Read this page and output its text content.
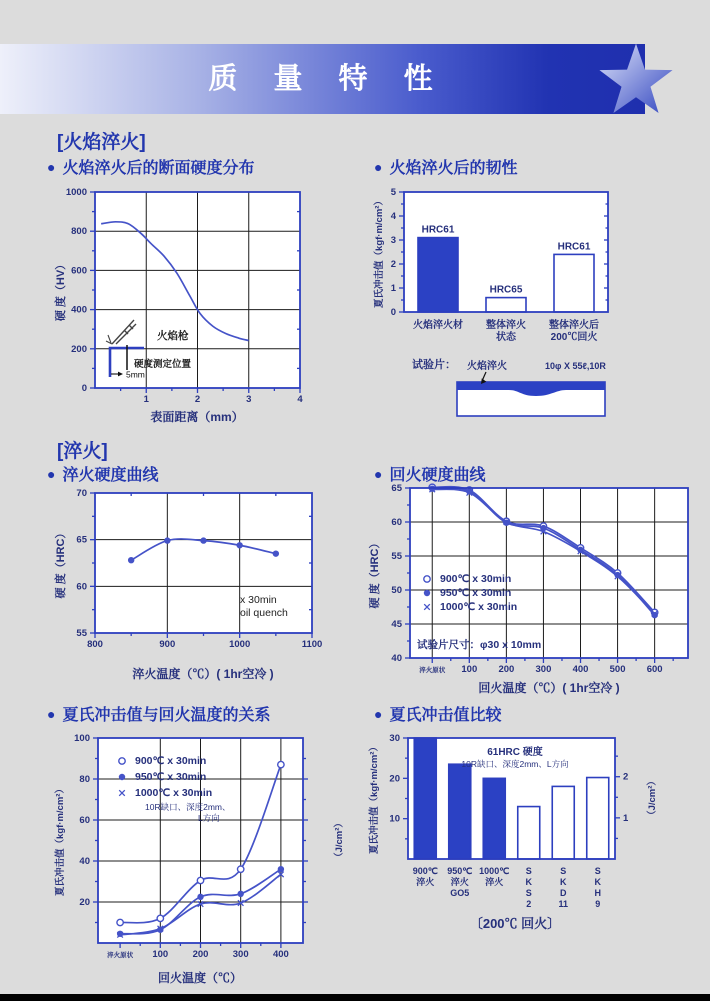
质 量 特 性
[火焰淬火]
● 火焰淬火后的断面硬度分布
1	2	3	4
0
200
400
600
800
1000
表面距离（mm）
硬 度（HV）
火焰枪
硬度测定位置
5mm
● 火焰淬火后的韧性
HRC61
HRC65
HRC61
0
1
2
3
4
5
火焰淬火材 整体淬火
状态
整体淬火后
200℃回火
夏氏冲击值（kgf·m/cm²）
试验片： 火焰淬火	10φ X 55ℓ,10R
[淬火]
● 淬火硬度曲线
800	900	1000	1100
55
60
65
70
x 30min
oil quench
淬火温度（℃）( 1hr空冷 )
硬 度（HRC）
● 回火硬度曲线
淬火原状 100 200 300 400 500 600
40
45
50
55
60
65
900℃ x 30min
950℃ x 30min
1000℃ x 30min
试验片尺寸：φ30 x 10mm
回火温度（℃）( 1hr空冷 )
硬 度（HRC）
● 夏氏冲击值与回火温度的关系
淬火原状 100	200	300	400
20
40
60
80
100
900℃ x 30min
950℃ x 30min
1000℃ x 30min
10R缺口、深度2mm、
L方向
回火温度（℃）
夏氏冲击值（kgf·m/cm²）	（J/cm²）
● 夏氏冲击值比较
10
20
30
1
2
900℃
淬火
950℃
淬火
GO5
1000℃
淬火
S
K
S
2
S
K
D
11
S
K
H
9
61HRC 硬度
10R缺口、深度2mm、L方向
〔200℃ 回火〕
夏氏冲击值（kgf·m/cm²）	（J/cm²）
